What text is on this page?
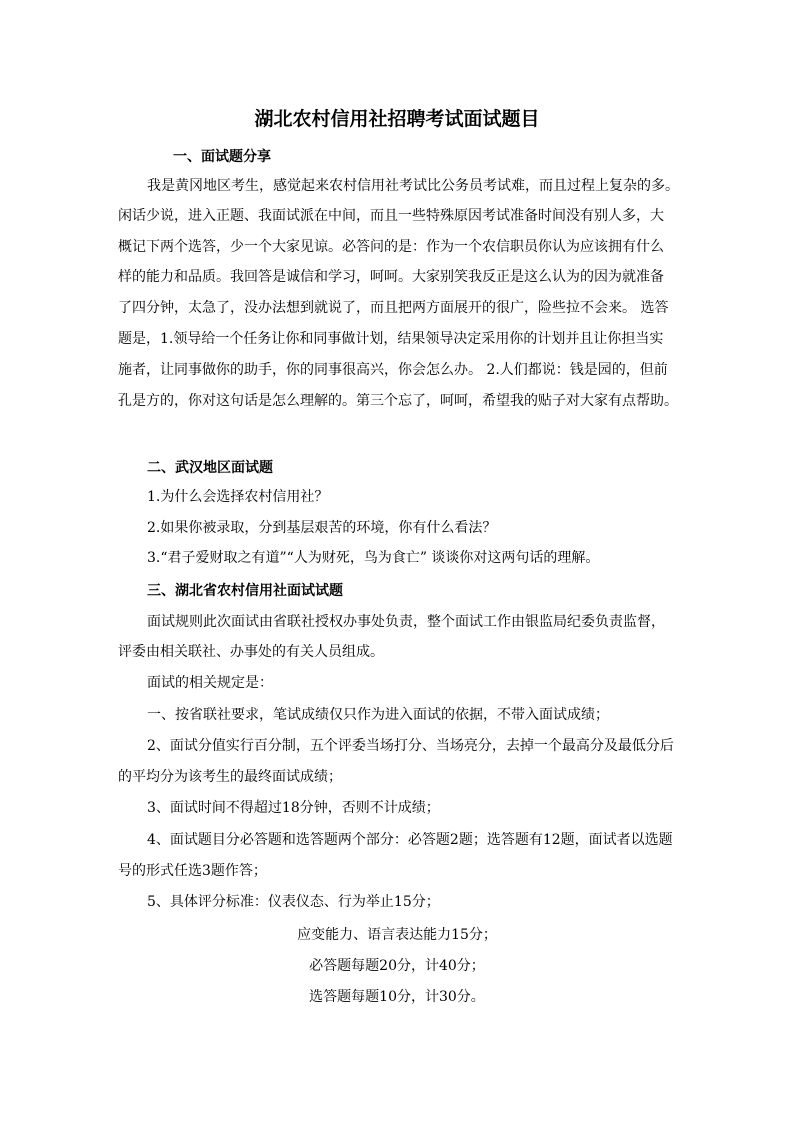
湖北农村信用社招聘考试面试题目
一、面试题分享
我是黄冈地区考生，感觉起来农村信用社考试比公务员考试难，而且过程上复杂的多。
闲话少说，进入正题、我面试派在中间，而且一些特殊原因考试准备时间没有别人多，大
概记下两个选答，少一个大家见谅。必答问的是：作为一个农信职员你认为应该拥有什么
样的能力和品质。我回答是诚信和学习，呵呵。大家别笑我反正是这么认为的因为就准备
了四分钟，太急了，没办法想到就说了，而且把两方面展开的很广，险些拉不会来。 选答
题是，1.领导给一个任务让你和同事做计划，结果领导决定采用你的计划并且让你担当实
施者，让同事做你的助手，你的同事很高兴，你会怎么办。 2.人们都说：钱是园的，但前
孔是方的，你对这句话是怎么理解的。第三个忘了，呵呵，希望我的贴子对大家有点帮助。
二、武汉地区面试题
1.为什么会选择农村信用社？
2.如果你被录取，分到基层艰苦的环境，你有什么看法？
3.“君子爱财取之有道”“人为财死，鸟为食亡” 谈谈你对这两句话的理解。
三、湖北省农村信用社面试试题
面试规则此次面试由省联社授权办事处负责，整个面试工作由银监局纪委负责监督，
评委由相关联社、办事处的有关人员组成。
面试的相关规定是：
一、按省联社要求，笔试成绩仅只作为进入面试的依据，不带入面试成绩；
2、面试分值实行百分制，五个评委当场打分、当场亮分，去掉一个最高分及最低分后
的平均分为该考生的最终面试成绩；
3、面试时间不得超过18分钟，否则不计成绩；
4、面试题目分必答题和选答题两个部分：必答题2题；选答题有12题，面试者以选题
号的形式任选3题作答；
5、具体评分标准：仪表仪态、行为举止15分；
应变能力、语言表达能力15分；
必答题每题20分，计40分；
选答题每题10分，计30分。
